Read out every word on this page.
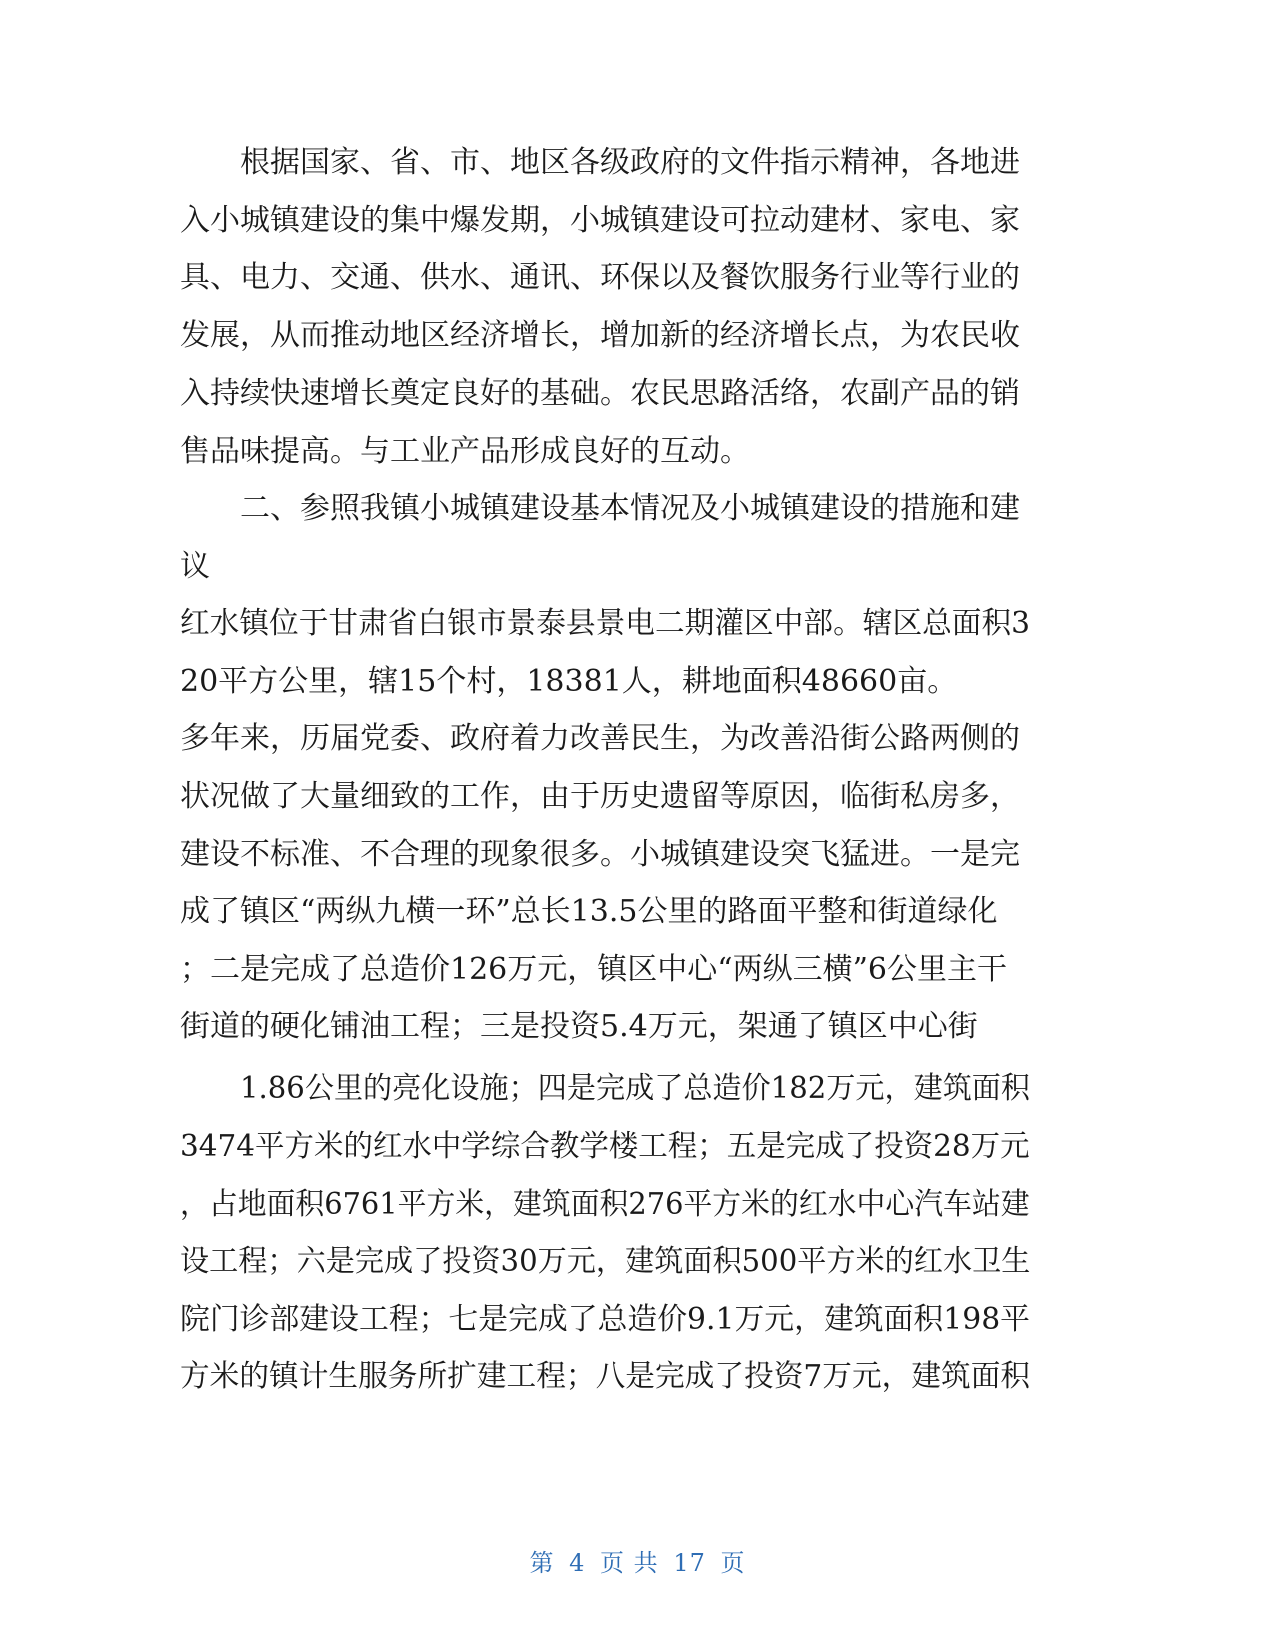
根据国家、省、市、地区各级政府的文件指示精神，各地进
入小城镇建设的集中爆发期，小城镇建设可拉动建材、家电、家
具、电力、交通、供水、通讯、环保以及餐饮服务行业等行业的
发展，从而推动地区经济增长，增加新的经济增长点，为农民收
入持续快速增长奠定良好的基础。农民思路活络，农副产品的销
售品味提高。与工业产品形成良好的互动。
二、参照我镇小城镇建设基本情况及小城镇建设的措施和建
议
红水镇位于甘肃省白银市景泰县景电二期灌区中部。辖区总面积3
20平方公里，辖15个村，18381人，耕地面积48660亩。
多年来，历届党委、政府着力改善民生，为改善沿街公路两侧的
状况做了大量细致的工作，由于历史遗留等原因，临街私房多，
建设不标准、不合理的现象很多。小城镇建设突飞猛进。一是完
成了镇区“两纵九横一环”总长13.5公里的路面平整和街道绿化
；二是完成了总造价126万元，镇区中心“两纵三横”6公里主干
街道的硬化铺油工程；三是投资5.4万元，架通了镇区中心街
1.86公里的亮化设施；四是完成了总造价182万元，建筑面积
3474平方米的红水中学综合教学楼工程；五是完成了投资28万元
，占地面积6761平方米，建筑面积276平方米的红水中心汽车站建
设工程；六是完成了投资30万元，建筑面积500平方米的红水卫生
院门诊部建设工程；七是完成了总造价9.1万元，建筑面积198平
方米的镇计生服务所扩建工程；八是完成了投资7万元，建筑面积
第 4 页 共 17 页
